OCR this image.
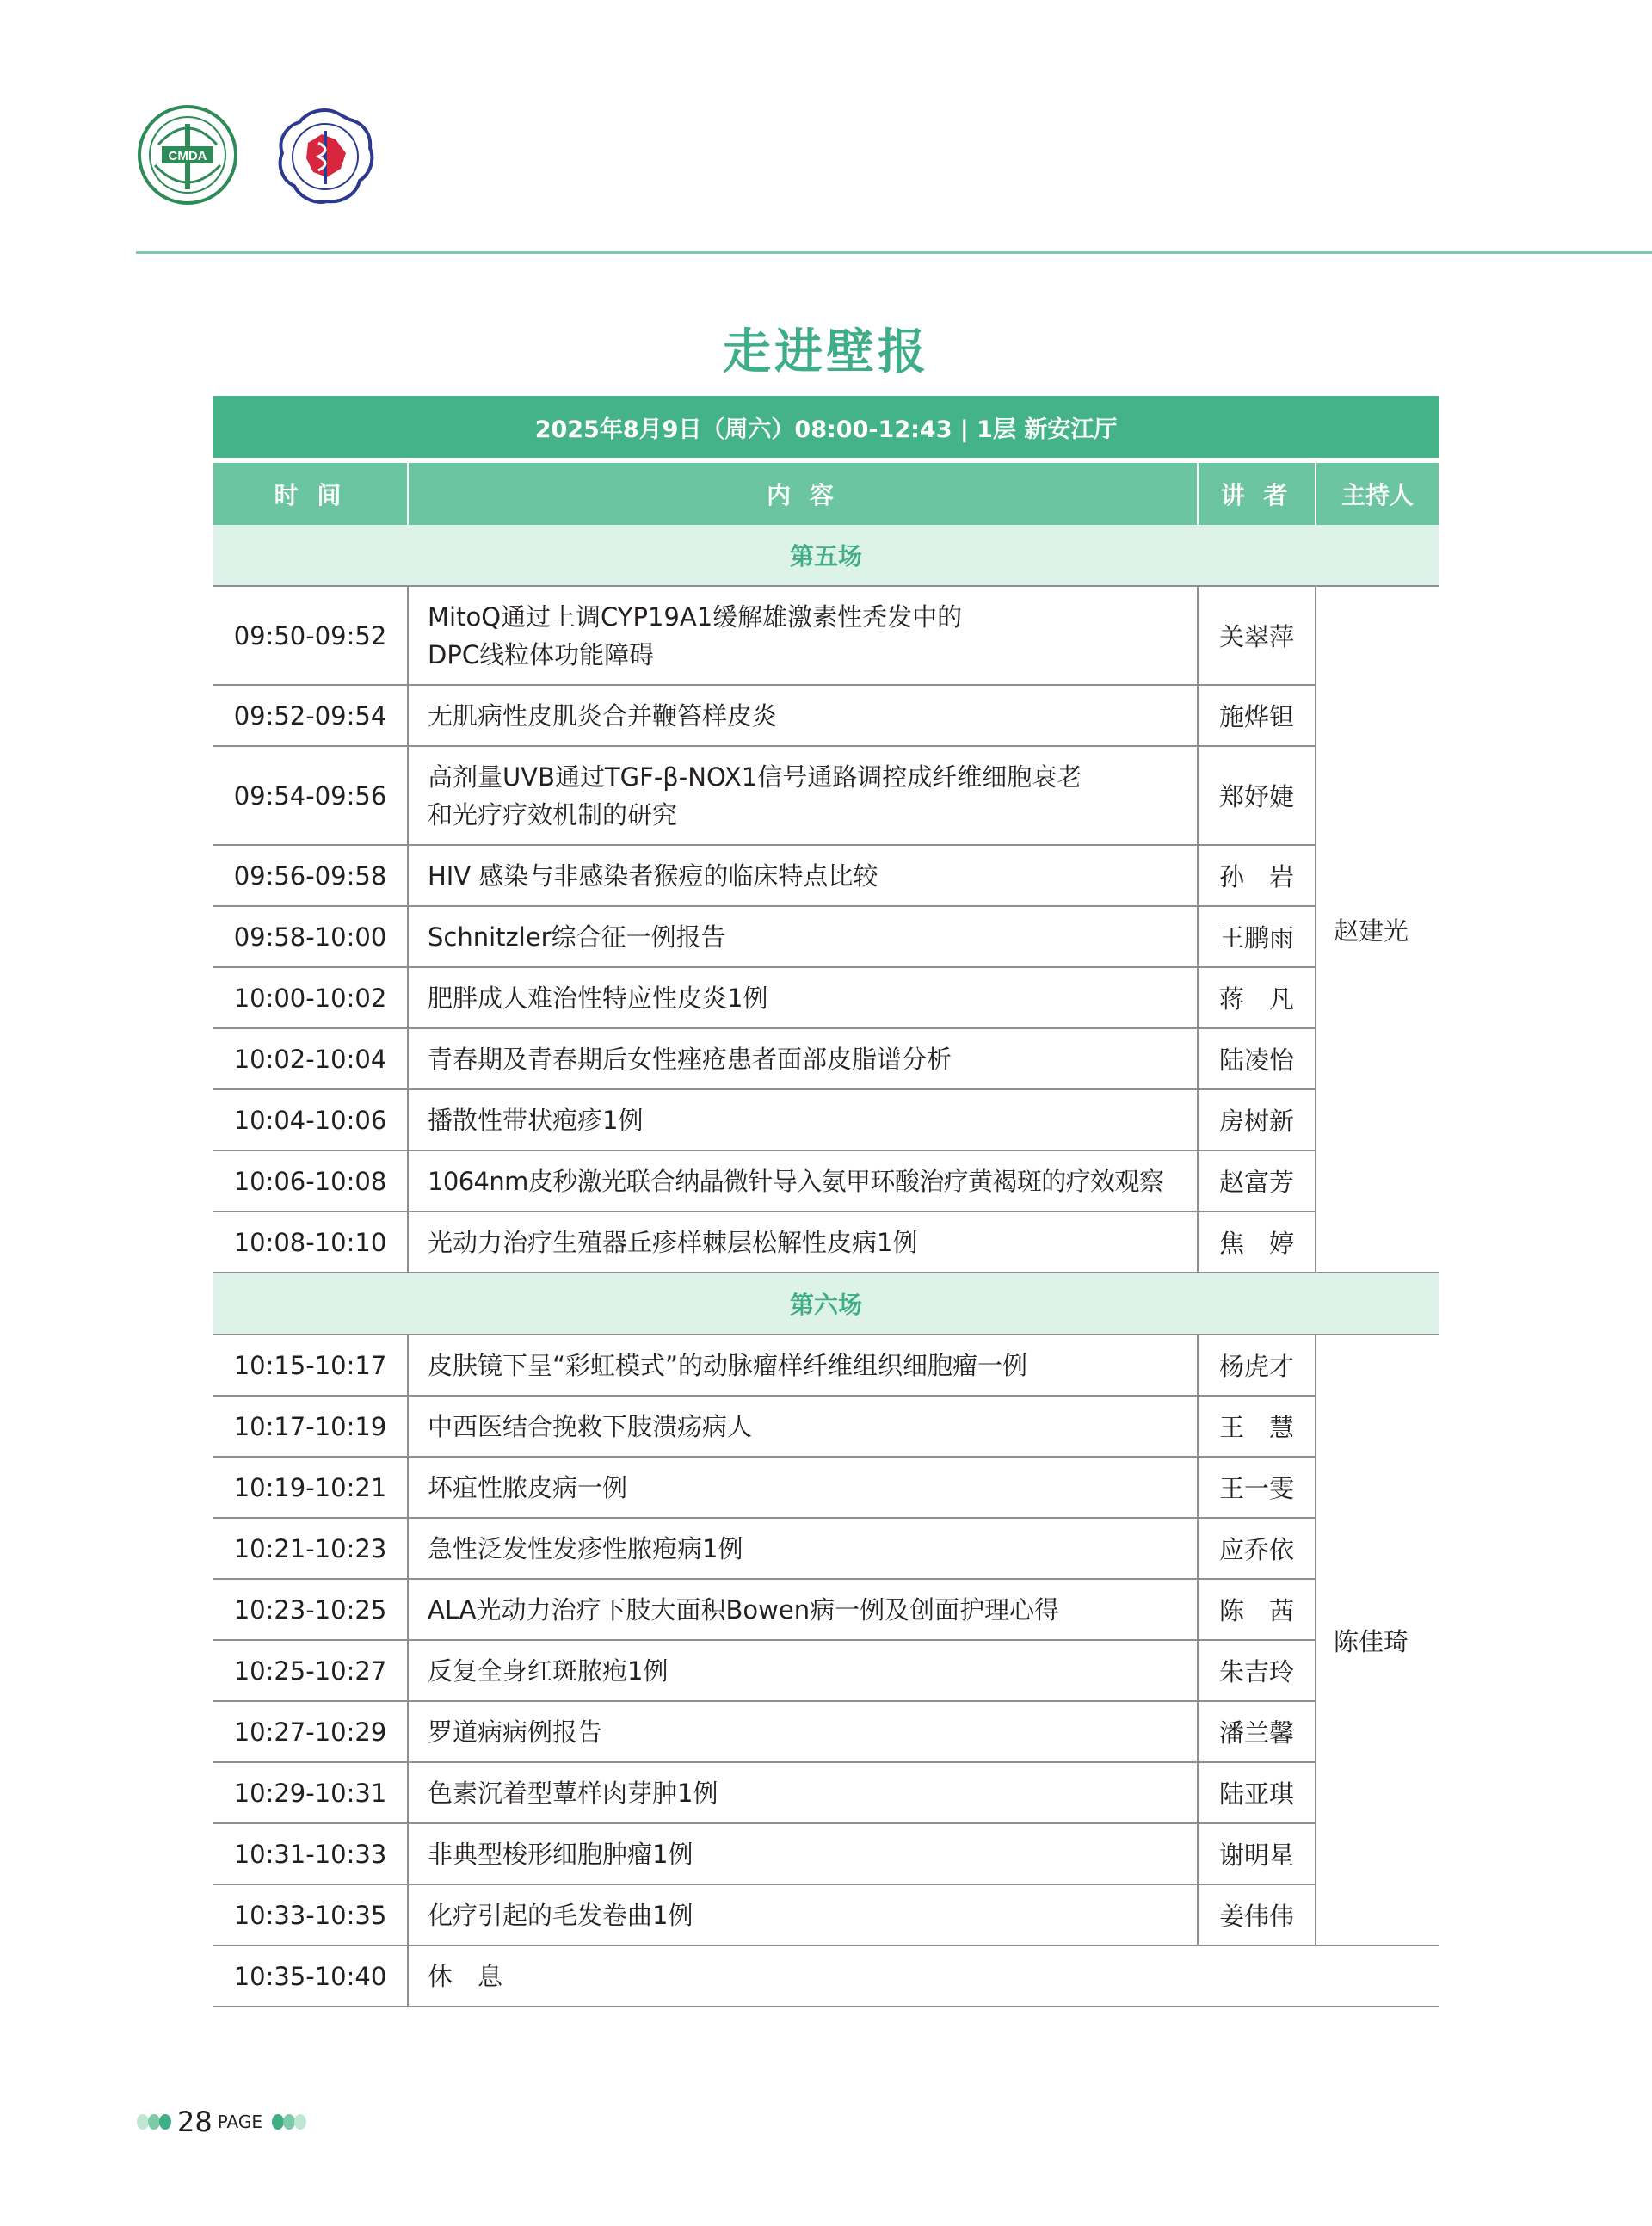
CMDA
走进壁报
2025年8月9日（周六）08:00-12:43 | 1层 新安江厅			
时 间	内 容	讲 者	主持人
第五场			
09:50-09:52	MitoQ通过上调CYP19A1缓解雄激素性秃发中的
DPC线粒体功能障碍	关翠萍	赵建光
09:52-09:54	无肌病性皮肌炎合并鞭笞样皮炎	施烨钽	
09:54-09:56	高剂量UVB通过TGF-β-NOX1信号通路调控成纤维细胞衰老
和光疗疗效机制的研究	郑妤婕	
09:56-09:58	HIV 感染与非感染者猴痘的临床特点比较	孙　岩	
09:58-10:00	Schnitzler综合征一例报告	王鹏雨	
10:00-10:02	肥胖成人难治性特应性皮炎1例	蒋　凡	
10:02-10:04	青春期及青春期后女性痤疮患者面部皮脂谱分析	陆凌怡	
10:04-10:06	播散性带状疱疹1例	房树新	
10:06-10:08	1064nm皮秒激光联合纳晶微针导入氨甲环酸治疗黄褐斑的疗效观察	赵富芳	
10:08-10:10	光动力治疗生殖器丘疹样棘层松解性皮病1例	焦　婷	
第六场			
10:15-10:17	皮肤镜下呈“彩虹模式”的动脉瘤样纤维组织细胞瘤一例	杨虎才	陈佳琦
10:17-10:19	中西医结合挽救下肢溃疡病人	王　慧	
10:19-10:21	坏疽性脓皮病一例	王一雯	
10:21-10:23	急性泛发性发疹性脓疱病1例	应乔依	
10:23-10:25	ALA光动力治疗下肢大面积Bowen病一例及创面护理心得	陈　茜	
10:25-10:27	反复全身红斑脓疱1例	朱吉玲	
10:27-10:29	罗道病病例报告	潘兰馨	
10:29-10:31	色素沉着型蕈样肉芽肿1例	陆亚琪	
10:31-10:33	非典型梭形细胞肿瘤1例	谢明星	
10:33-10:35	化疗引起的毛发卷曲1例	姜伟伟	
10:35-10:40	休　息		
28 PAGE
